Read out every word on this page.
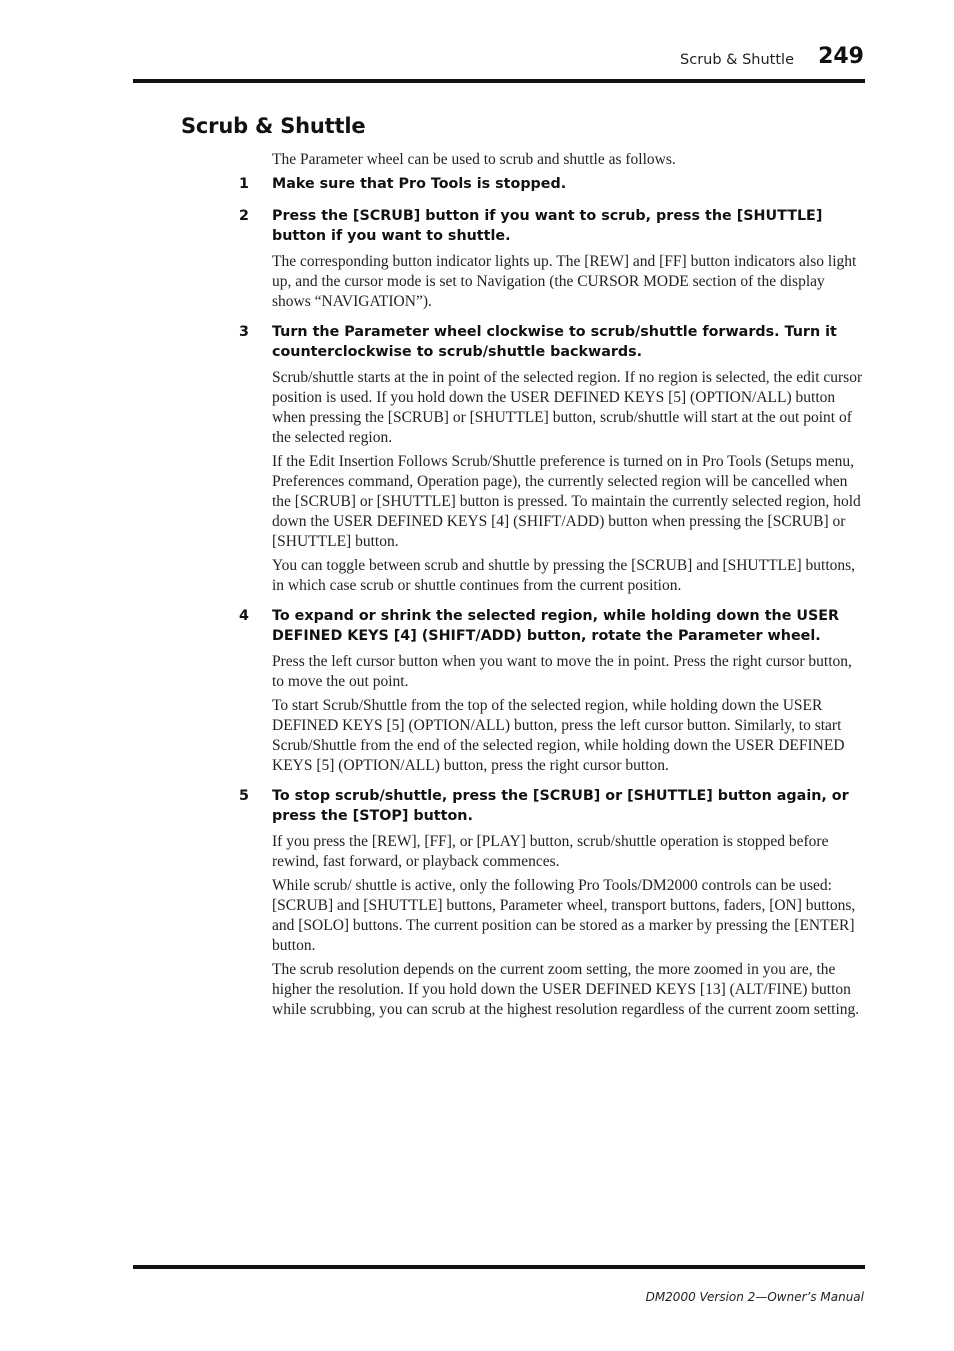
Scrub & Shuttle	249
Scrub & Shuttle

The Parameter wheel can be used to scrub and shuttle as follows.

1 Make sure that Pro Tools is stopped.
2 Press the [SCRUB] button if you want to scrub, press the [SHUTTLE] button if you want to shuttle.

The corresponding button indicator lights up. The [REW] and [FF] button indicators also light up, and the cursor mode is set to Navigation (the CURSOR MODE section of the display shows “NAVIGATION”).

3 Turn the Parameter wheel clockwise to scrub/shuttle forwards. Turn it counterclockwise to scrub/shuttle backwards.

Scrub/shuttle starts at the in point of the selected region. If no region is selected, the edit cursor position is used. If you hold down the USER DEFINED KEYS [5] (OPTION/ALL) button when pressing the [SCRUB] or [SHUTTLE] button, scrub/shuttle will start at the out point of the selected region.

If the Edit Insertion Follows Scrub/Shuttle preference is turned on in Pro Tools (Setups menu, Preferences command, Operation page), the currently selected region will be cancelled when the [SCRUB] or [SHUTTLE] button is pressed. To maintain the currently selected region, hold down the USER DEFINED KEYS [4] (SHIFT/ADD) button when pressing the [SCRUB] or [SHUTTLE] button.

You can toggle between scrub and shuttle by pressing the [SCRUB] and [SHUTTLE] buttons, in which case scrub or shuttle continues from the current position.

4 To expand or shrink the selected region, while holding down the USER DEFINED KEYS [4] (SHIFT/ADD) button, rotate the Parameter wheel.

Press the left cursor button when you want to move the in point. Press the right cursor button, to move the out point.

To start Scrub/Shuttle from the top of the selected region, while holding down the USER DEFINED KEYS [5] (OPTION/ALL) button, press the left cursor button. Similarly, to start Scrub/Shuttle from the end of the selected region, while holding down the USER DEFINED KEYS [5] (OPTION/ALL) button, press the right cursor button.

5 To stop scrub/shuttle, press the [SCRUB] or [SHUTTLE] button again, or press the [STOP] button.

If you press the [REW], [FF], or [PLAY] button, scrub/shuttle operation is stopped before rewind, fast forward, or playback commences.

While scrub/ shuttle is active, only the following Pro Tools/DM2000 controls can be used: [SCRUB] and [SHUTTLE] buttons, Parameter wheel, transport buttons, faders, [ON] buttons, and [SOLO] buttons. The current position can be stored as a marker by pressing the [ENTER] button.

The scrub resolution depends on the current zoom setting, the more zoomed in you are, the higher the resolution. If you hold down the USER DEFINED KEYS [13] (ALT/FINE) button while scrubbing, you can scrub at the highest resolution regardless of the current zoom setting.

DM2000 Version 2—Owner’s Manual
